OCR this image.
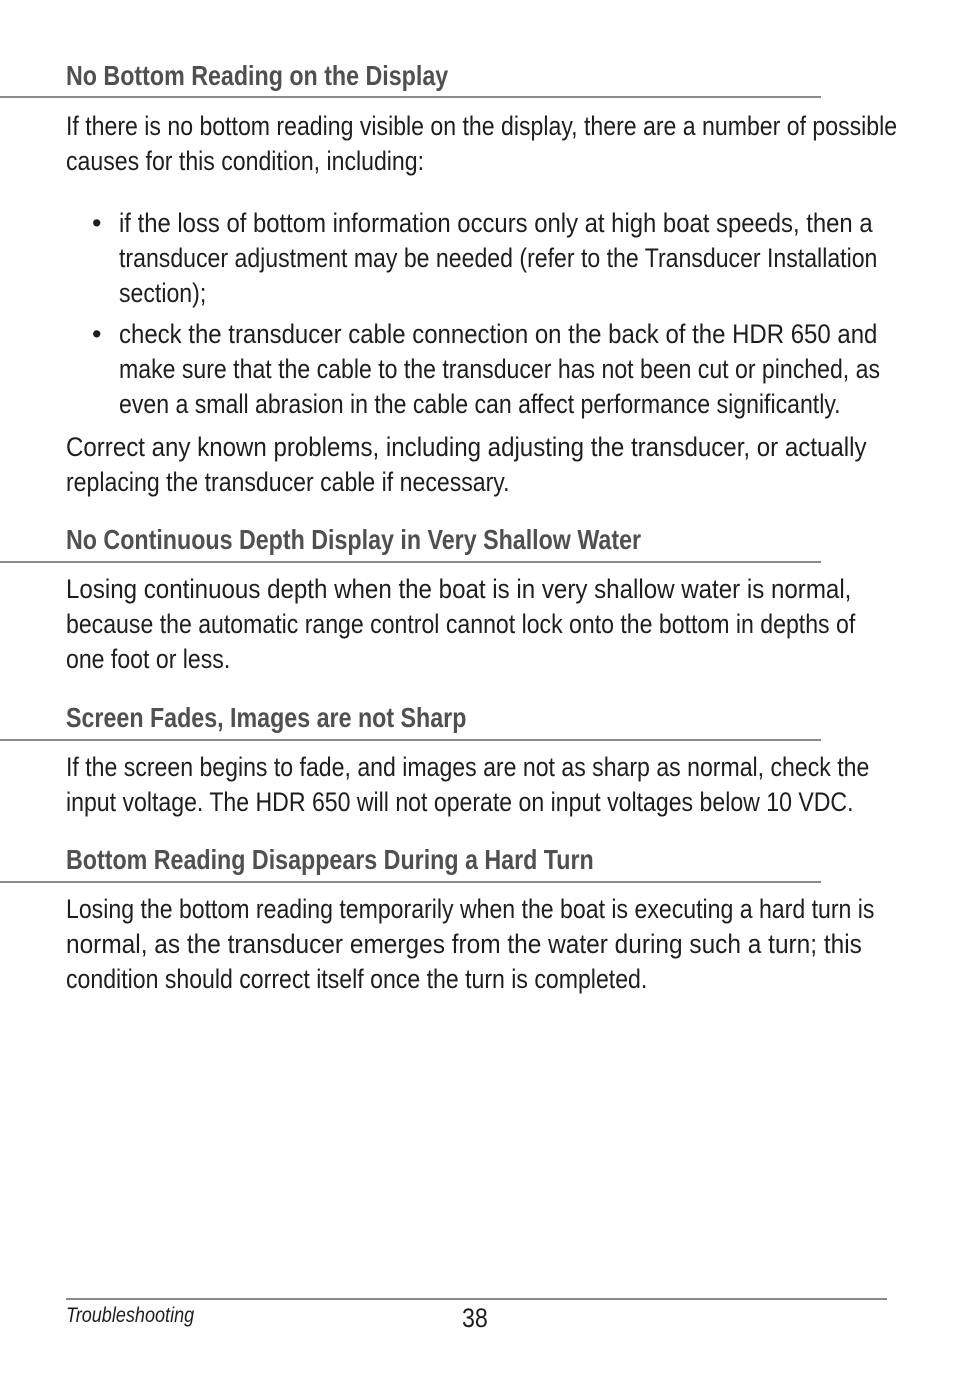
No Bottom Reading on the Display
If there is no bottom reading visible on the display, there are a number of possible
causes for this condition, including:
• if the loss of bottom information occurs only at high boat speeds, then a
transducer adjustment may be needed (refer to the Transducer Installation
section);
• check the transducer cable connection on the back of the HDR 650 and
make sure that the cable to the transducer has not been cut or pinched, as
even a small abrasion in the cable can affect performance significantly.
Correct any known problems, including adjusting the transducer, or actually
replacing the transducer cable if necessary.
No Continuous Depth Display in Very Shallow Water
Losing continuous depth when the boat is in very shallow water is normal,
because the automatic range control cannot lock onto the bottom in depths of
one foot or less.
Screen Fades, Images are not Sharp
If the screen begins to fade, and images are not as sharp as normal, check the
input voltage. The HDR 650 will not operate on input voltages below 10 VDC.
Bottom Reading Disappears During a Hard Turn
Losing the bottom reading temporarily when the boat is executing a hard turn is
normal, as the transducer emerges from the water during such a turn; this
condition should correct itself once the turn is completed.
Troubleshooting	38
